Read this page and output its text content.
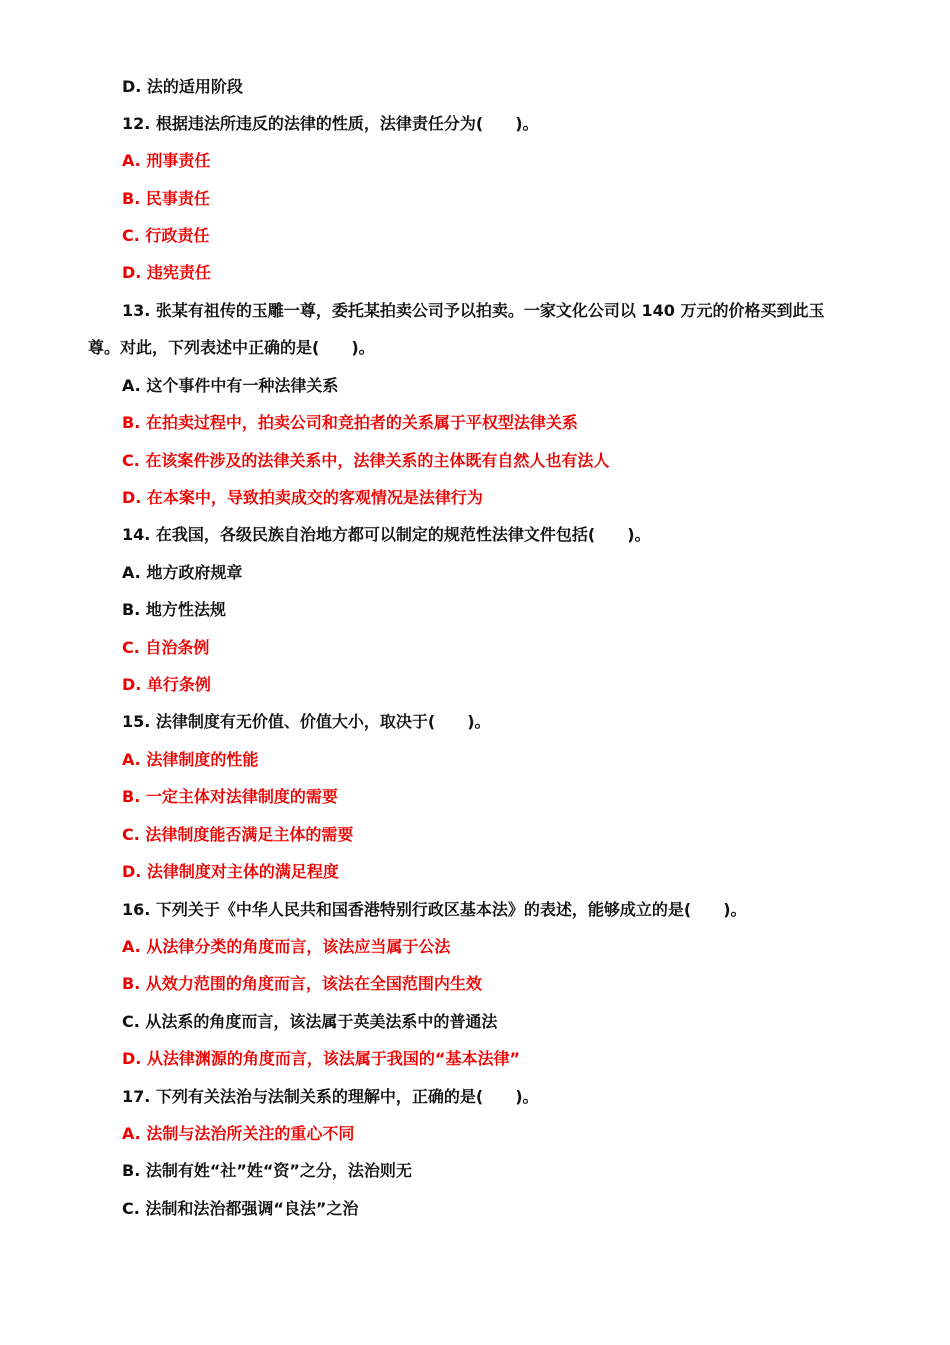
D. 法的适用阶段
12. 根据违法所违反的法律的性质，法律责任分为(　　)。
A. 刑事责任
B. 民事责任
C. 行政责任
D. 违宪责任
13. 张某有祖传的玉雕一尊，委托某拍卖公司予以拍卖。一家文化公司以 140 万元的价格买到此玉
尊。对此，下列表述中正确的是(　　)。
A. 这个事件中有一种法律关系
B. 在拍卖过程中，拍卖公司和竞拍者的关系属于平权型法律关系
C. 在该案件涉及的法律关系中，法律关系的主体既有自然人也有法人
D. 在本案中，导致拍卖成交的客观情况是法律行为
14. 在我国，各级民族自治地方都可以制定的规范性法律文件包括(　　)。
A. 地方政府规章
B. 地方性法规
C. 自治条例
D. 单行条例
15. 法律制度有无价值、价值大小，取决于(　　)。
A. 法律制度的性能
B. 一定主体对法律制度的需要
C. 法律制度能否满足主体的需要
D. 法律制度对主体的满足程度
16. 下列关于《中华人民共和国香港特别行政区基本法》的表述，能够成立的是(　　)。
A. 从法律分类的角度而言，该法应当属于公法
B. 从效力范围的角度而言，该法在全国范围内生效
C. 从法系的角度而言，该法属于英美法系中的普通法
D. 从法律渊源的角度而言，该法属于我国的“基本法律”
17. 下列有关法治与法制关系的理解中，正确的是(　　)。
A. 法制与法治所关注的重心不同
B. 法制有姓“社”姓“资”之分，法治则无
C. 法制和法治都强调“良法”之治
